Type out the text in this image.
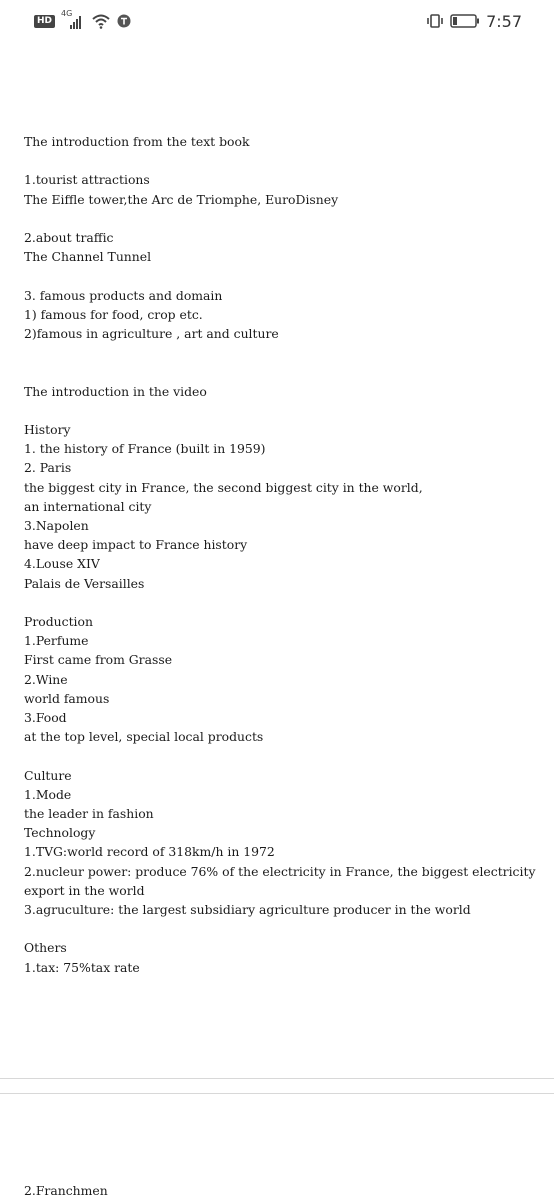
HD
4G	7:57
The introduction from the text book
1.tourist attractions
The Eiffle tower,the Arc de Triomphe, EuroDisney
2.about traffic
The Channel Tunnel
3. famous products and domain
1) famous for food, crop etc.
2)famous in agriculture , art and culture
The introduction in the video
History
1. the history of France (built in 1959)
2. Paris
the biggest city in France, the second biggest city in the world,
an international city
3.Napolen
have deep impact to France history
4.Louse XIV
Palais de Versailles
Production
1.Perfume
First came from Grasse
2.Wine
world famous
3.Food
at the top level, special local products
Culture
1.Mode
the leader in fashion
Technology
1.TVG:world record of 318km/h in 1972
2.nucleur power: produce 76% of the electricity in France, the biggest electricity
export in the world
3.agruculture: the largest subsidiary agriculture producer in the world
Others
1.tax: 75%tax rate
2.Franchmen
